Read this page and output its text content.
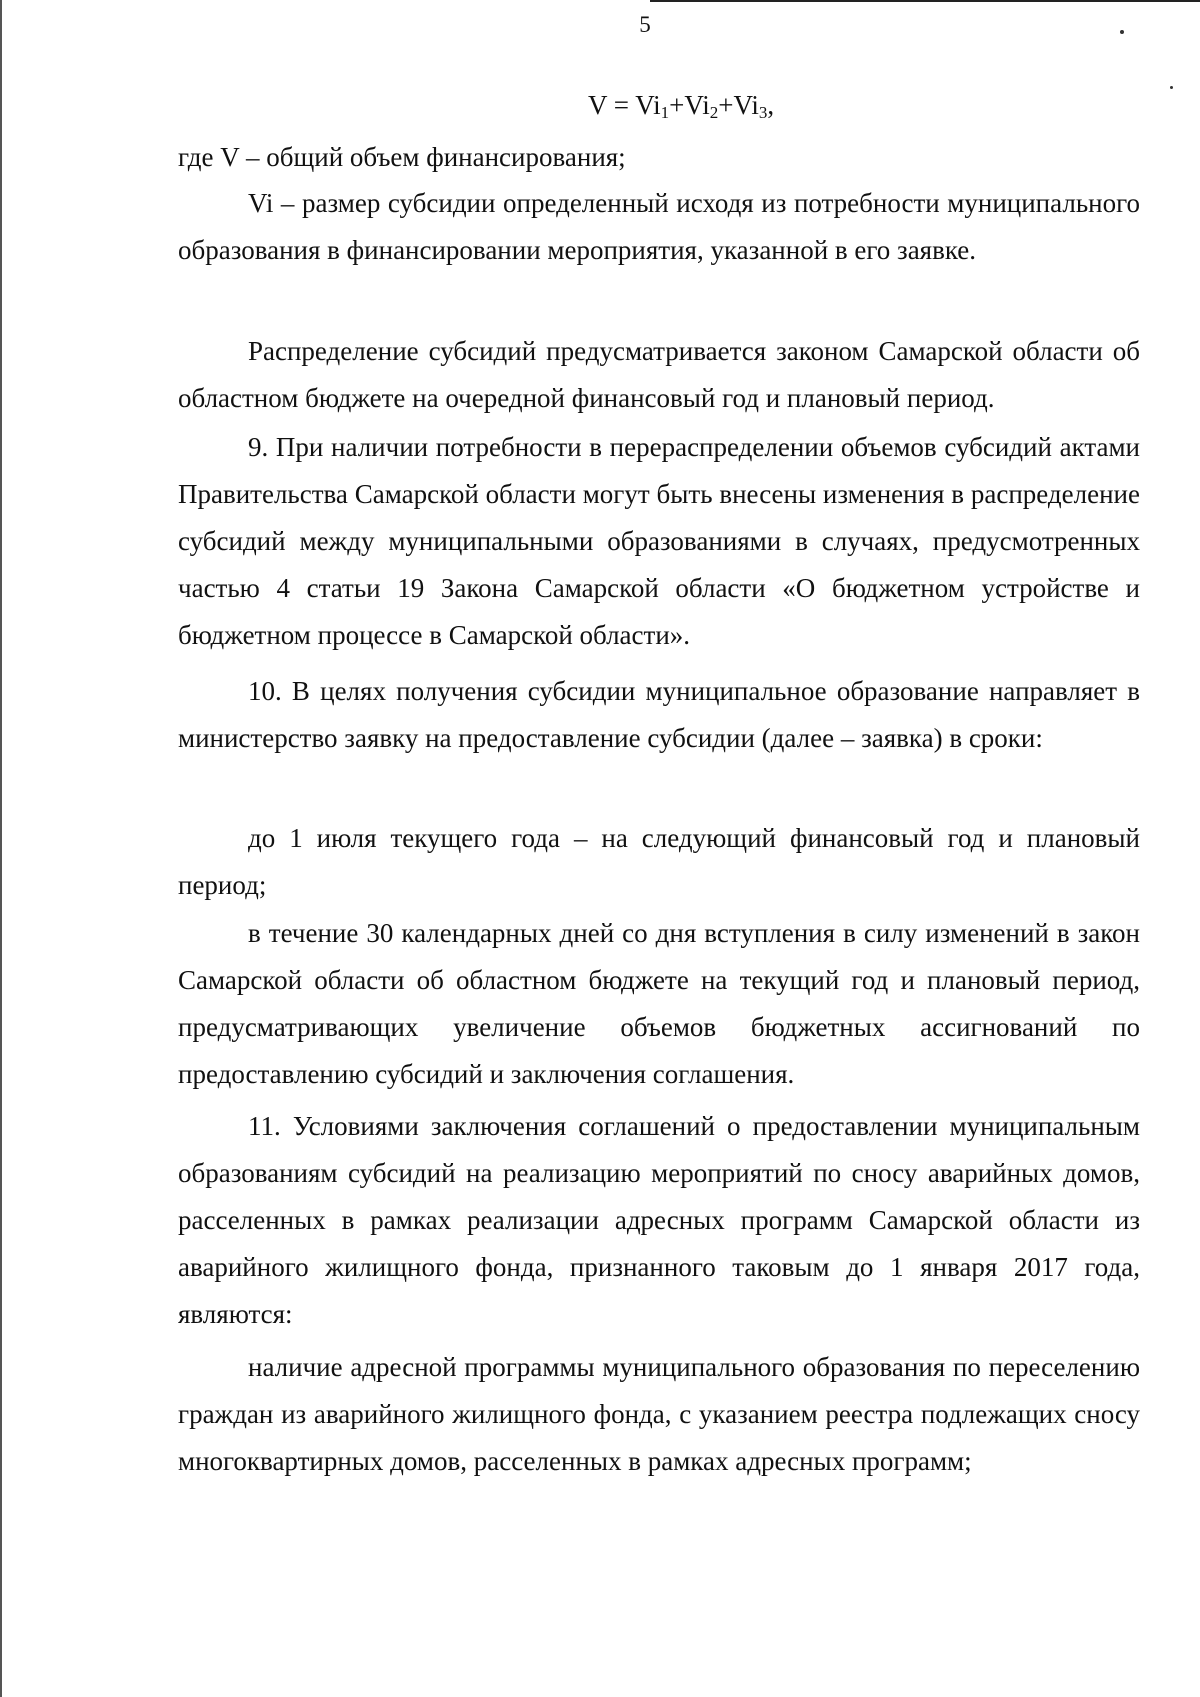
5
$V = Vi_1+Vi_2+Vi_3$,

где V – общий объем финансирования;

Vi – размер субсидии определенный исходя из потребности муниципального образования в финансировании мероприятия, указанной в его заявке.

Распределение субсидий предусматривается законом Самарской области об областном бюджете на очередной финансовый год и плановый период.

9. При наличии потребности в перераспределении объемов субсидий актами Правительства Самарской области могут быть внесены изменения в распределение субсидий между муниципальными образованиями в случаях, предусмотренных частью 4 статьи 19 Закона Самарской области «О бюджетном устройстве и бюджетном процессе в Самарской области».

10. В целях получения субсидии муниципальное образование направляет в министерство заявку на предоставление субсидии (далее – заявка) в сроки:

до 1 июля текущего года – на следующий финансовый год и плановый период;

в течение 30 календарных дней со дня вступления в силу изменений в закон Самарской области об областном бюджете на текущий год и плановый период, предусматривающих увеличение объемов бюджетных ассигнований по предоставлению субсидий и заключения соглашения.

11. Условиями заключения соглашений о предоставлении муниципальным образованиям субсидий на реализацию мероприятий по сносу аварийных домов, расселенных в рамках реализации адресных программ Самарской области из аварийного жилищного фонда, признанного таковым до 1 января 2017 года, являются:

наличие адресной программы муниципального образования по переселению граждан из аварийного жилищного фонда, с указанием реестра подлежащих сносу многоквартирных домов, расселенных в рамках адресных программ;
